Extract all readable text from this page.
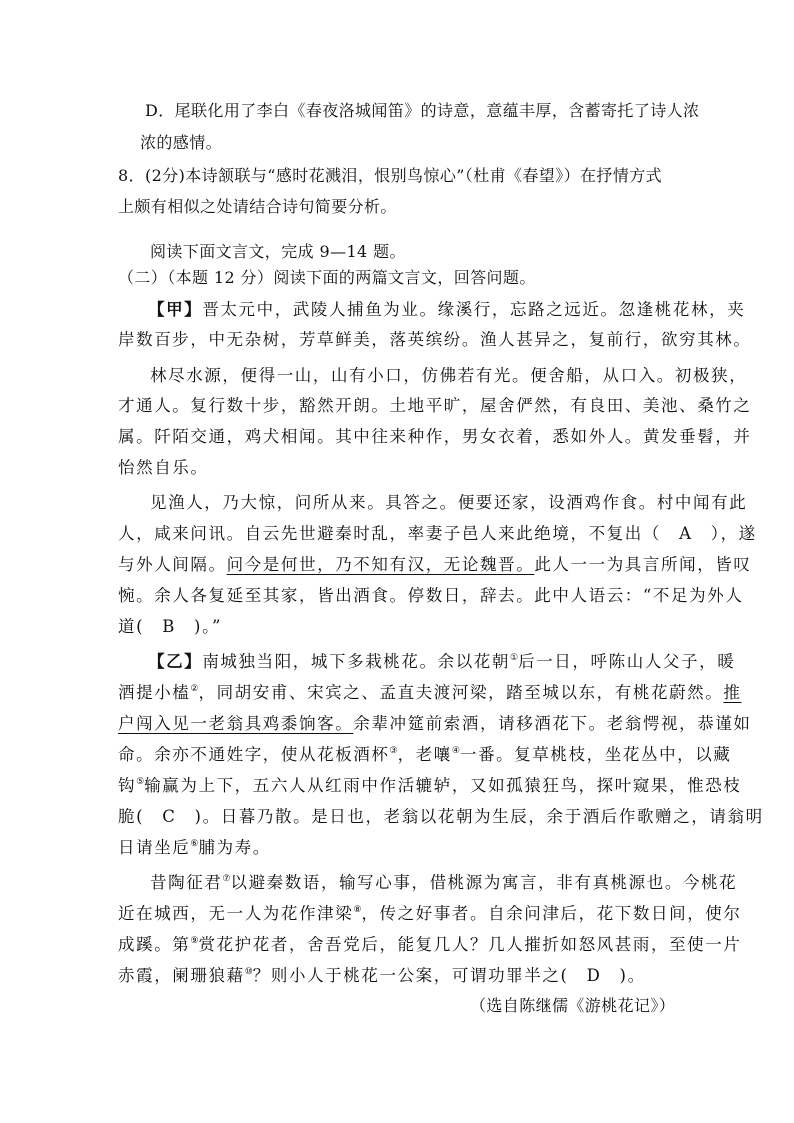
D．尾联化用了李白《春夜洛城闻笛》的诗意，意蕴丰厚，含蓄寄托了诗人浓
浓的感情。
8．(2分)本诗颔联与“感时花溅泪，恨别鸟惊心”（杜甫《春望》）在抒情方式
上颇有相似之处请结合诗句简要分析。
阅读下面文言文，完成 9—14 题。
（二）（本题 12 分）阅读下面的两篇文言文，回答问题。
【甲】晋太元中，武陵人捕鱼为业。缘溪行，忘路之远近。忽逢桃花林，夹
岸数百步，中无杂树，芳草鲜美，落英缤纷。渔人甚异之，复前行，欲穷其林。
林尽水源，便得一山，山有小口，仿佛若有光。便舍船，从口入。初极狭，
才通人。复行数十步，豁然开朗。土地平旷，屋舍俨然，有良田、美池、桑竹之
属。阡陌交通，鸡犬相闻。其中往来种作，男女衣着，悉如外人。黄发垂髫，并
怡然自乐。
见渔人，乃大惊，问所从来。具答之。便要还家，设酒鸡作食。村中闻有此
人，咸来问讯。自云先世避秦时乱，率妻子邑人来此绝境，不复出（　A　），遂
与外人间隔。问今是何世，乃不知有汉，无论魏晋。此人一一为具言所闻，皆叹
惋。余人各复延至其家，皆出酒食。停数日，辞去。此中人语云：“不足为外人
道(　B　)。”
【乙】南城独当阳，城下多栽桃花。余以花朝①后一日，呼陈山人父子，暖
酒提小榼②，同胡安甫、宋宾之、孟直夫渡河梁，踏至城以东，有桃花蔚然。推
户闯入见一老翁具鸡黍饷客。余辈冲筵前索酒，请移酒花下。老翁愕视，恭谨如
命。余亦不通姓字，使从花板酒杯③，老嚷④一番。复草桃枝，坐花丛中，以藏
钩⑤输赢为上下，五六人从红雨中作活辘轳，又如孤猿狂鸟，探叶窥果，惟恐枝
脆(　C　)。日暮乃散。是日也，老翁以花朝为生辰，余于酒后作歌赠之，请翁明
日请坐卮⑥脯为寿。
昔陶征君⑦以避秦数语，输写心事，借桃源为寓言，非有真桃源也。今桃花
近在城西，无一人为花作津梁⑧，传之好事者。自余问津后，花下数日间，使尔
成蹊。第⑨赏花护花者，舍吾党后，能复几人？几人摧折如怒风甚雨，至使一片
赤霞，阑珊狼藉⑩？则小人于桃花一公案，可谓功罪半之(　D　)。
（选自陈继儒《游桃花记》）
